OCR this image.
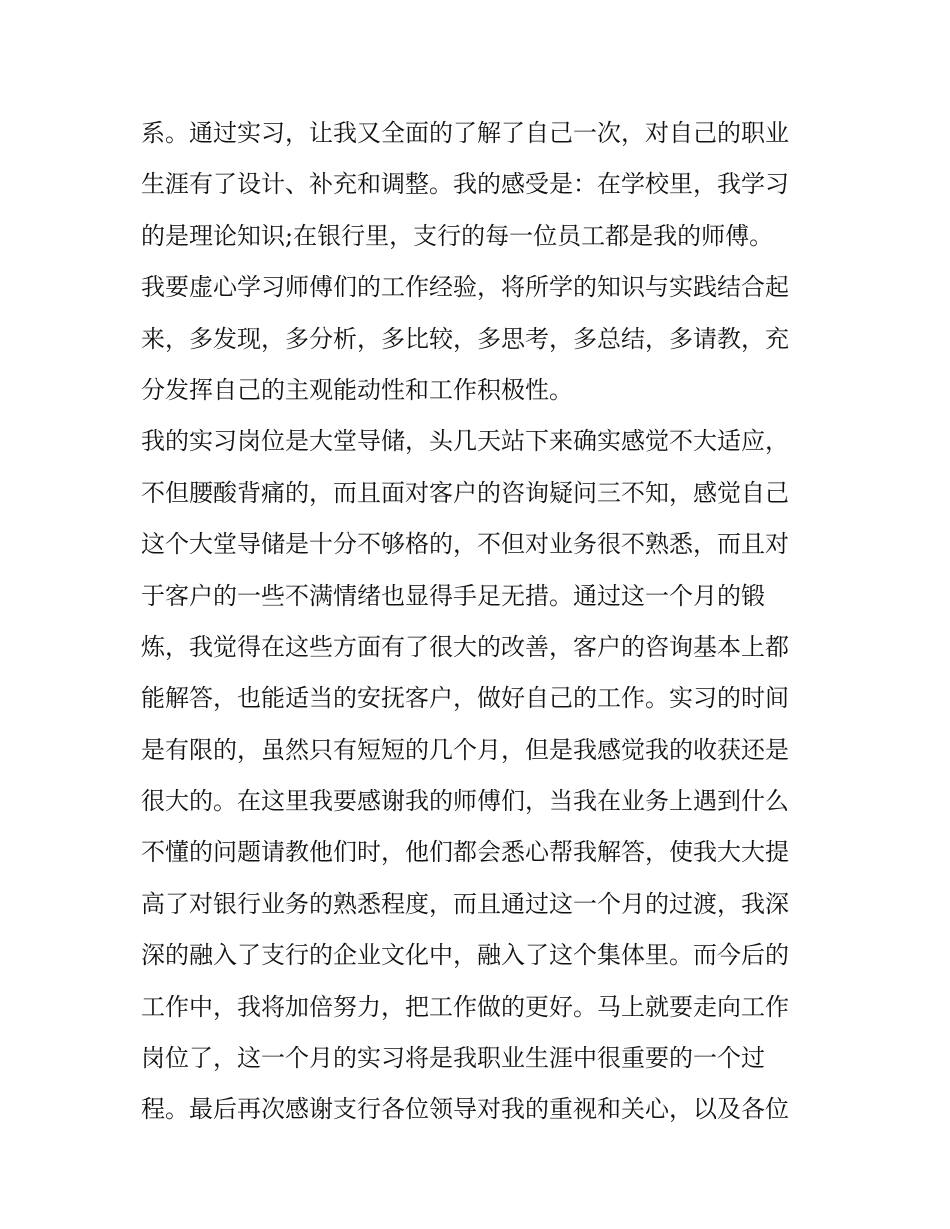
系。通过实习，让我又全面的了解了自己一次，对自己的职业
生涯有了设计、补充和调整。我的感受是：在学校里，我学习
的是理论知识;在银行里，支行的每一位员工都是我的师傅。
我要虚心学习师傅们的工作经验，将所学的知识与实践结合起
来，多发现，多分析，多比较，多思考，多总结，多请教，充
分发挥自己的主观能动性和工作积极性。
我的实习岗位是大堂导储，头几天站下来确实感觉不大适应，
不但腰酸背痛的，而且面对客户的咨询疑问三不知，感觉自己
这个大堂导储是十分不够格的，不但对业务很不熟悉，而且对
于客户的一些不满情绪也显得手足无措。通过这一个月的锻
炼，我觉得在这些方面有了很大的改善，客户的咨询基本上都
能解答，也能适当的安抚客户，做好自己的工作。实习的时间
是有限的，虽然只有短短的几个月，但是我感觉我的收获还是
很大的。在这里我要感谢我的师傅们，当我在业务上遇到什么
不懂的问题请教他们时，他们都会悉心帮我解答，使我大大提
高了对银行业务的熟悉程度，而且通过这一个月的过渡，我深
深的融入了支行的企业文化中，融入了这个集体里。而今后的
工作中，我将加倍努力，把工作做的更好。马上就要走向工作
岗位了，这一个月的实习将是我职业生涯中很重要的一个过
程。最后再次感谢支行各位领导对我的重视和关心，以及各位
